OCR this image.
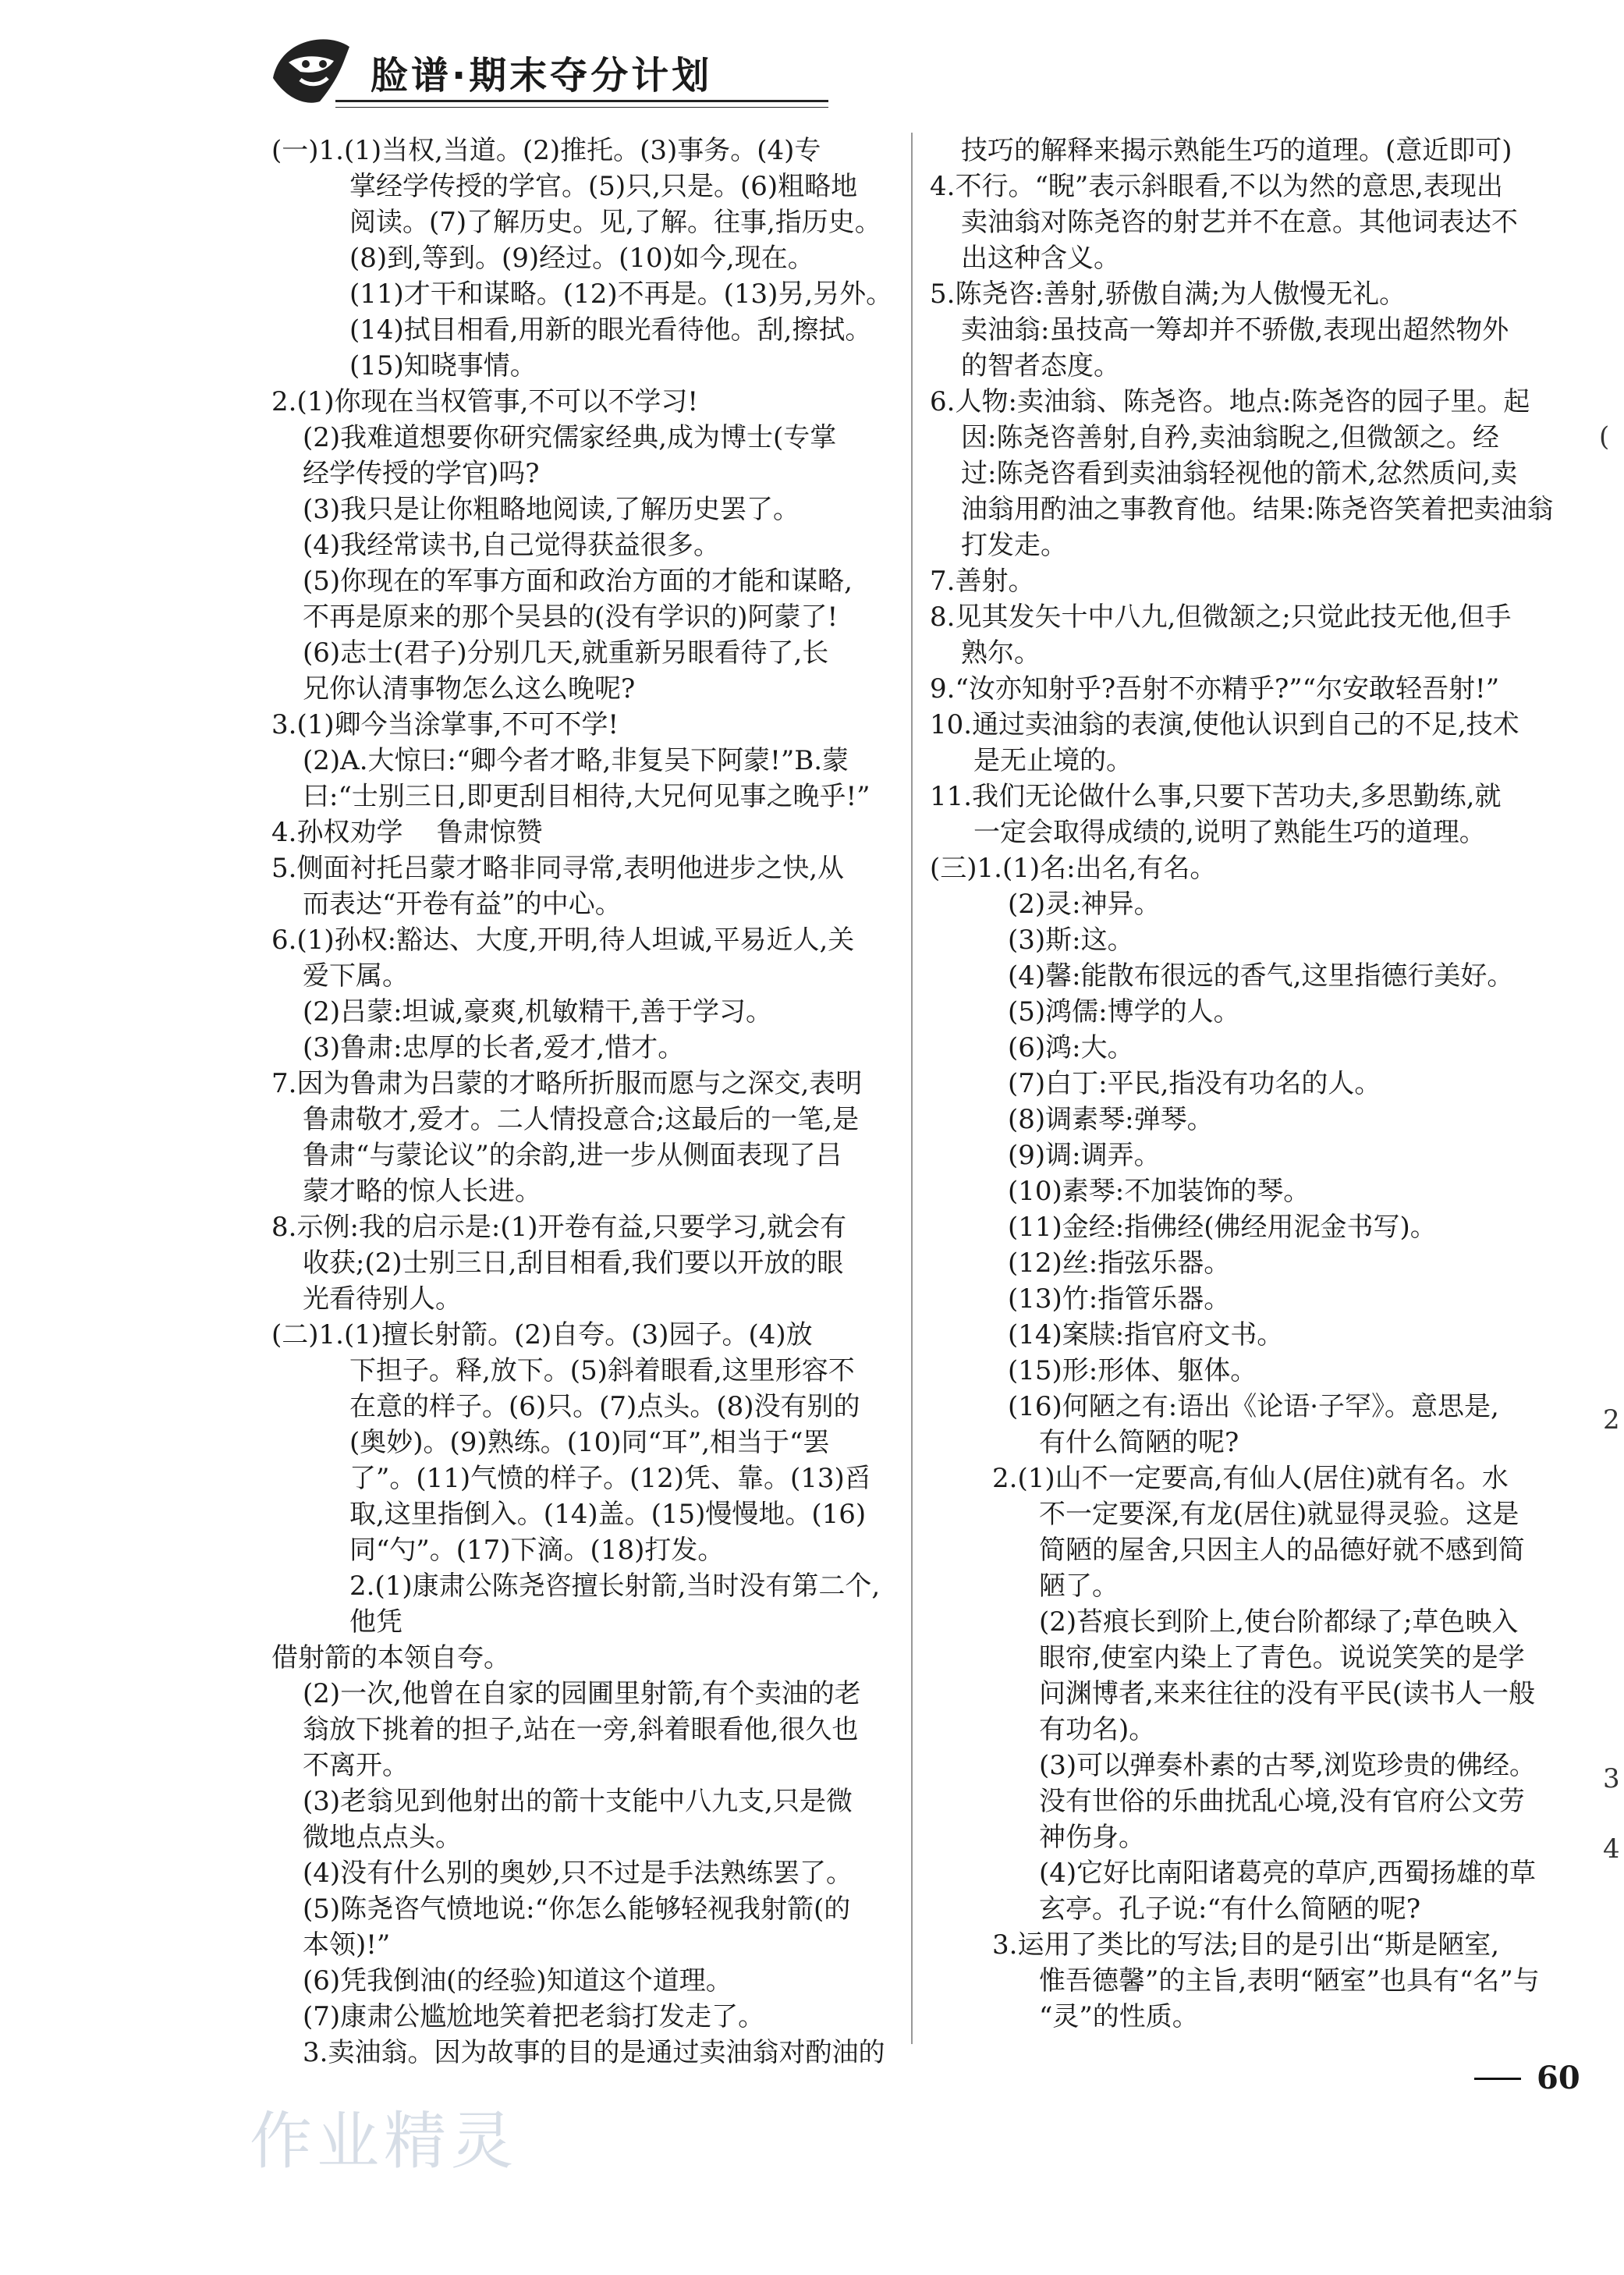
脸谱·期末夺分计划

(一)1.(1)当权,当道。(2)推托。(3)事务。(4)专

掌经学传授的学官。(5)只,只是。(6)粗略地

阅读。(7)了解历史。见,了解。往事,指历史。

(8)到,等到。(9)经过。(10)如今,现在。

(11)才干和谋略。(12)不再是。(13)另,另外。

(14)拭目相看,用新的眼光看待他。刮,擦拭。

(15)知晓事情。

2.(1)你现在当权管事,不可以不学习!

(2)我难道想要你研究儒家经典,成为博士(专掌

经学传授的学官)吗?

(3)我只是让你粗略地阅读,了解历史罢了。

(4)我经常读书,自己觉得获益很多。

(5)你现在的军事方面和政治方面的才能和谋略,

不再是原来的那个吴县的(没有学识的)阿蒙了!

(6)志士(君子)分别几天,就重新另眼看待了,长

兄你认清事物怎么这么晚呢?

3.(1)卿今当涂掌事,不可不学!

(2)A.大惊曰:“卿今者才略,非复吴下阿蒙!”B.蒙

曰:“士别三日,即更刮目相待,大兄何见事之晚乎!”

4.孙权劝学    鲁肃惊赞

5.侧面衬托吕蒙才略非同寻常,表明他进步之快,从

而表达“开卷有益”的中心。

6.(1)孙权:豁达、大度,开明,待人坦诚,平易近人,关

爱下属。

(2)吕蒙:坦诚,豪爽,机敏精干,善于学习。

(3)鲁肃:忠厚的长者,爱才,惜才。

7.因为鲁肃为吕蒙的才略所折服而愿与之深交,表明

鲁肃敬才,爱才。二人情投意合;这最后的一笔,是

鲁肃“与蒙论议”的余韵,进一步从侧面表现了吕

蒙才略的惊人长进。

8.示例:我的启示是:(1)开卷有益,只要学习,就会有

收获;(2)士别三日,刮目相看,我们要以开放的眼

光看待别人。

(二)1.(1)擅长射箭。(2)自夸。(3)园子。(4)放

下担子。释,放下。(5)斜着眼看,这里形容不

在意的样子。(6)只。(7)点头。(8)没有别的

(奥妙)。(9)熟练。(10)同“耳”,相当于“罢

了”。(11)气愤的样子。(12)凭、靠。(13)舀

取,这里指倒入。(14)盖。(15)慢慢地。(16)

同“勺”。(17)下滴。(18)打发。

2.(1)康肃公陈尧咨擅长射箭,当时没有第二个,他凭

借射箭的本领自夸。

(2)一次,他曾在自家的园圃里射箭,有个卖油的老

翁放下挑着的担子,站在一旁,斜着眼看他,很久也

不离开。

(3)老翁见到他射出的箭十支能中八九支,只是微

微地点点头。

(4)没有什么别的奥妙,只不过是手法熟练罢了。

(5)陈尧咨气愤地说:“你怎么能够轻视我射箭(的

本领)!”

(6)凭我倒油(的经验)知道这个道理。

(7)康肃公尴尬地笑着把老翁打发走了。

3.卖油翁。因为故事的目的是通过卖油翁对酌油的

技巧的解释来揭示熟能生巧的道理。(意近即可)

4.不行。“睨”表示斜眼看,不以为然的意思,表现出

卖油翁对陈尧咨的射艺并不在意。其他词表达不

出这种含义。

5.陈尧咨:善射,骄傲自满;为人傲慢无礼。

卖油翁:虽技高一筹却并不骄傲,表现出超然物外

的智者态度。

6.人物:卖油翁、陈尧咨。地点:陈尧咨的园子里。起

因:陈尧咨善射,自矜,卖油翁睨之,但微颔之。经

过:陈尧咨看到卖油翁轻视他的箭术,忿然质问,卖

油翁用酌油之事教育他。结果:陈尧咨笑着把卖油翁

打发走。

7.善射。

8.见其发矢十中八九,但微颔之;只觉此技无他,但手

熟尔。

9.“汝亦知射乎?吾射不亦精乎?”“尔安敢轻吾射!”

10.通过卖油翁的表演,使他认识到自己的不足,技术

是无止境的。

11.我们无论做什么事,只要下苦功夫,多思勤练,就

一定会取得成绩的,说明了熟能生巧的道理。

(三)1.(1)名:出名,有名。

(2)灵:神异。

(3)斯:这。

(4)馨:能散布很远的香气,这里指德行美好。

(5)鸿儒:博学的人。

(6)鸿:大。

(7)白丁:平民,指没有功名的人。

(8)调素琴:弹琴。

(9)调:调弄。

(10)素琴:不加装饰的琴。

(11)金经:指佛经(佛经用泥金书写)。

(12)丝:指弦乐器。

(13)竹:指管乐器。

(14)案牍:指官府文书。

(15)形:形体、躯体。

(16)何陋之有:语出《论语·子罕》。意思是,

有什么简陋的呢?

2.(1)山不一定要高,有仙人(居住)就有名。水

不一定要深,有龙(居住)就显得灵验。这是

简陋的屋舍,只因主人的品德好就不感到简

陋了。

(2)苔痕长到阶上,使台阶都绿了;草色映入

眼帘,使室内染上了青色。说说笑笑的是学

问渊博者,来来往往的没有平民(读书人一般

有功名)。

(3)可以弹奏朴素的古琴,浏览珍贵的佛经。

没有世俗的乐曲扰乱心境,没有官府公文劳

神伤身。

(4)它好比南阳诸葛亮的草庐,西蜀扬雄的草

玄亭。孔子说:“有什么简陋的呢?

3.运用了类比的写法;目的是引出“斯是陋室,

惟吾德馨”的主旨,表明“陋室”也具有“名”与

“灵”的性质。

(
2
3
4
60
作业精灵
